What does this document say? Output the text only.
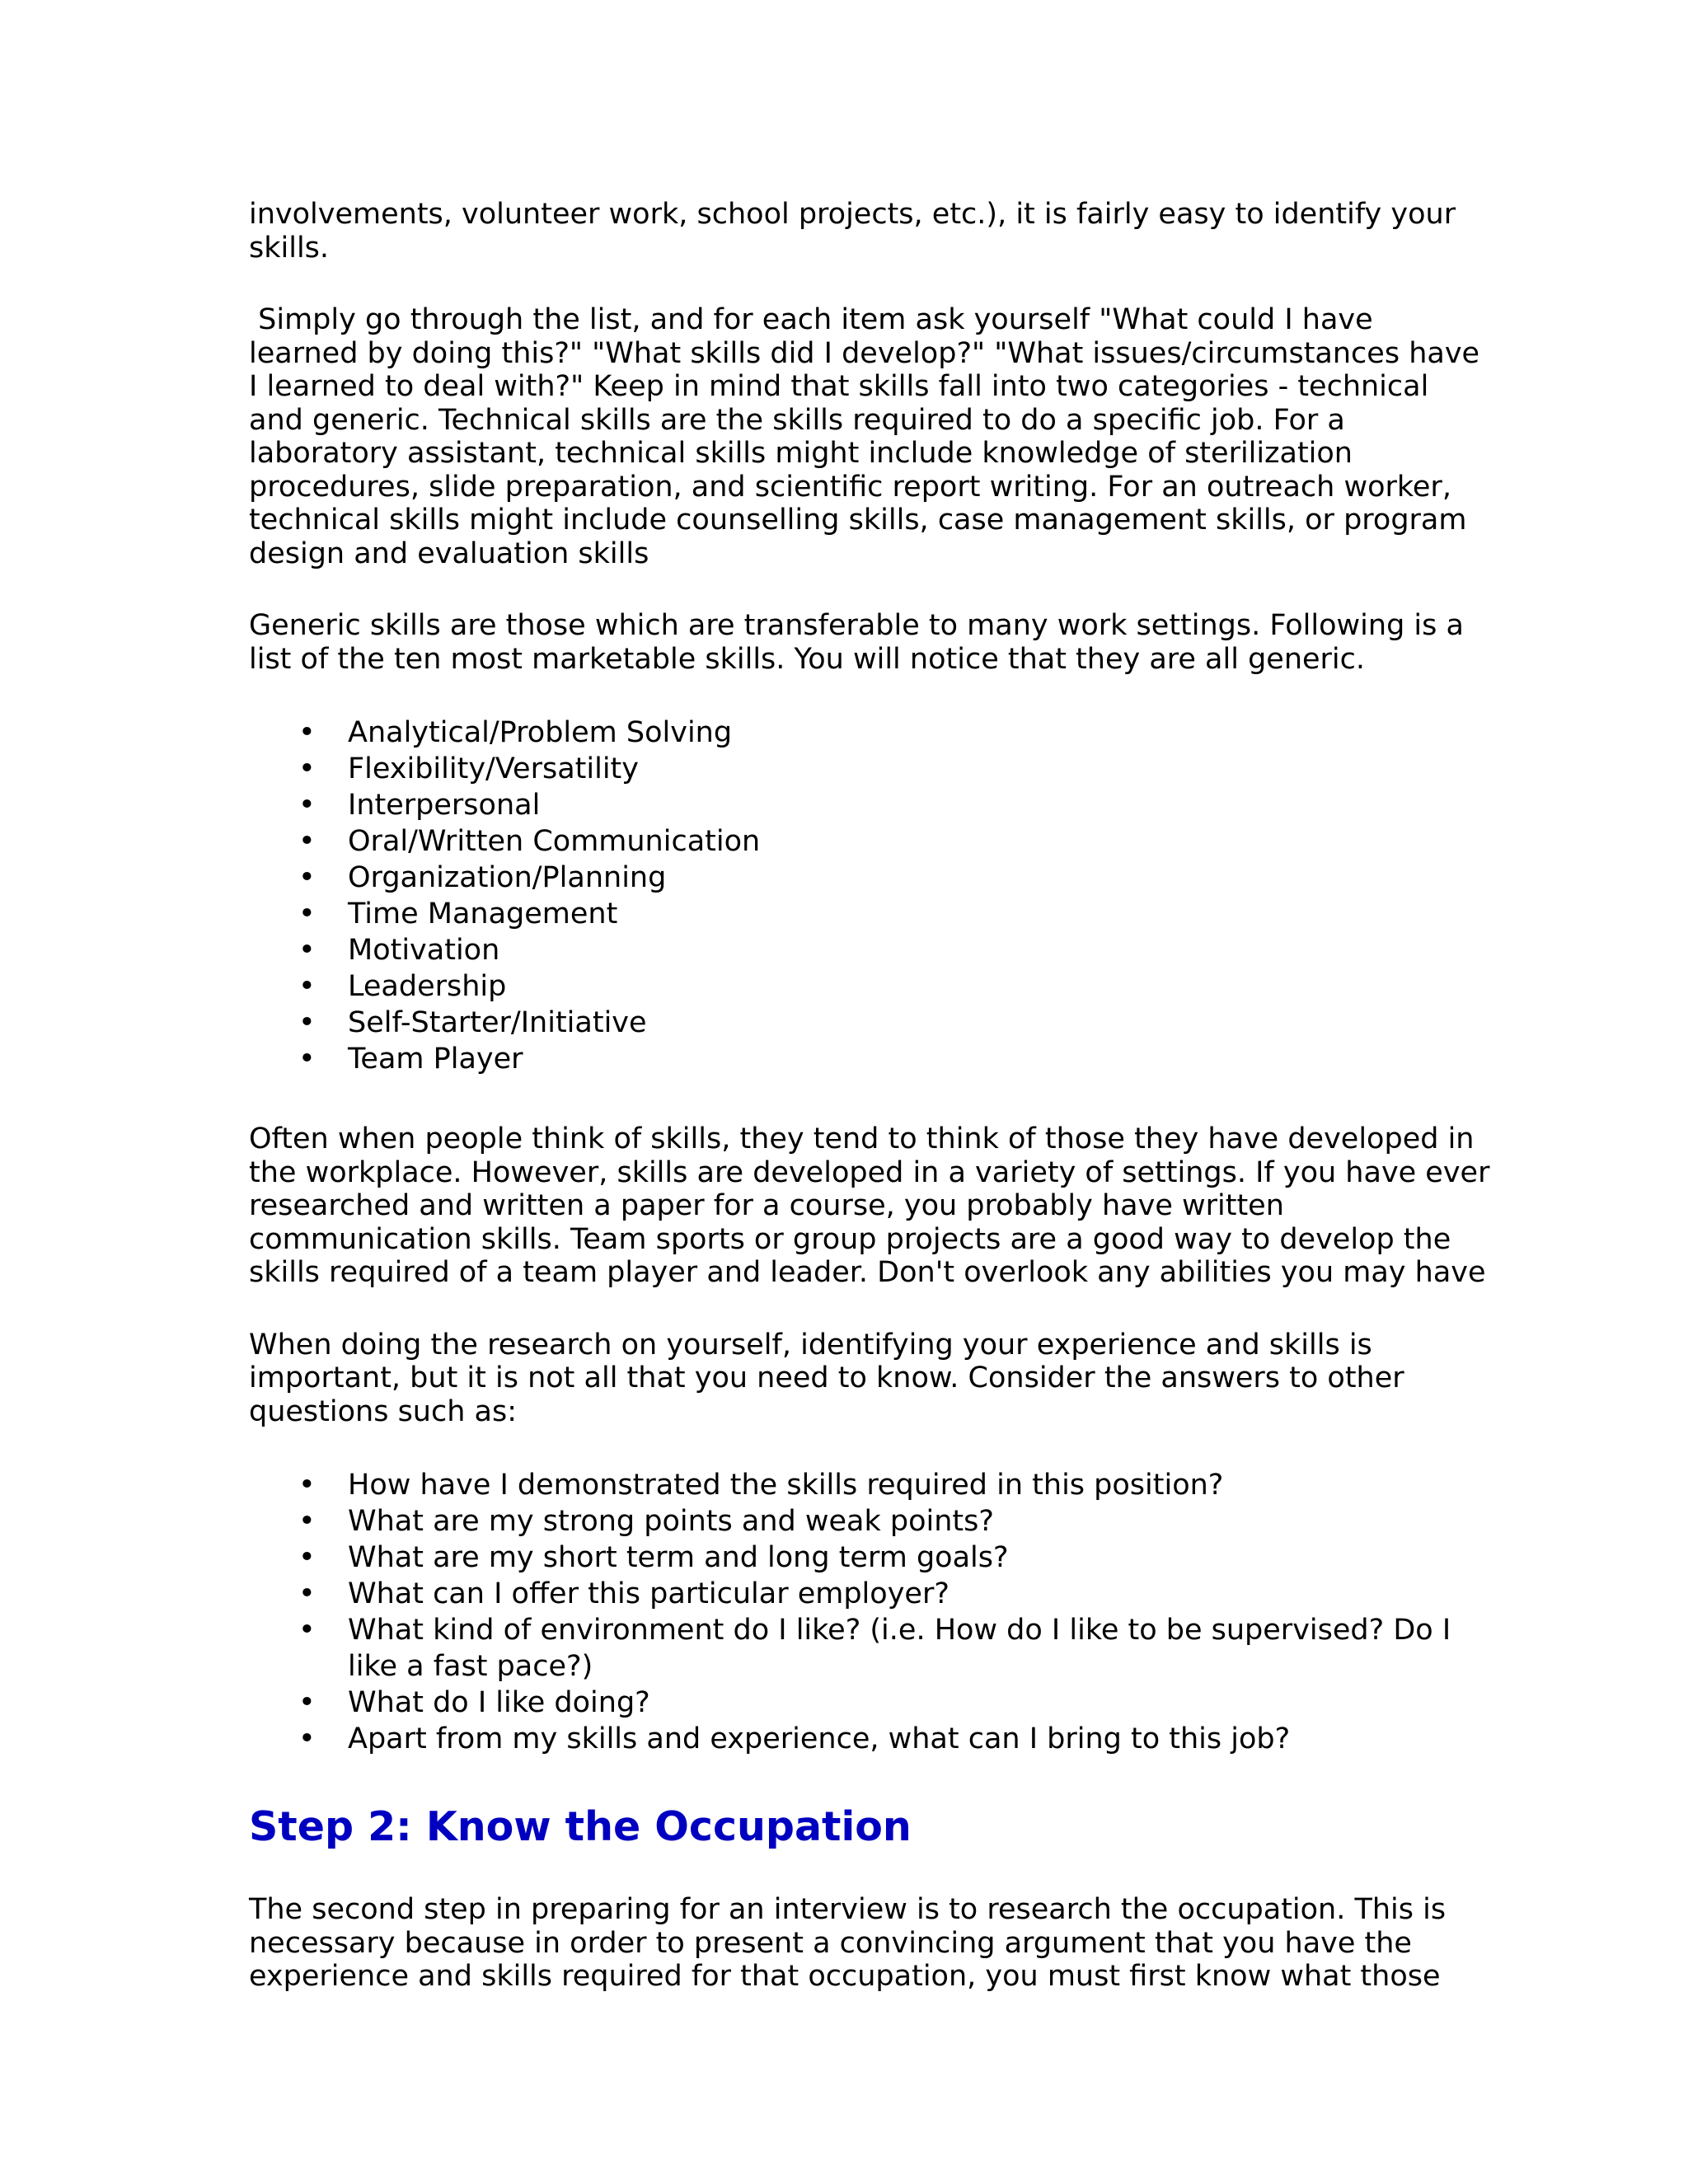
involvements, volunteer work, school projects, etc.), it is fairly easy to identify your
skills.

Simply go through the list, and for each item ask yourself "What could I have
learned by doing this?" "What skills did I develop?" "What issues/circumstances have
I learned to deal with?" Keep in mind that skills fall into two categories - technical
and generic. Technical skills are the skills required to do a specific job. For a
laboratory assistant, technical skills might include knowledge of sterilization
procedures, slide preparation, and scientific report writing. For an outreach worker,
technical skills might include counselling skills, case management skills, or program
design and evaluation skills

Generic skills are those which are transferable to many work settings. Following is a
list of the ten most marketable skills. You will notice that they are all generic.

• Analytical/Problem Solving
• Flexibility/Versatility
• Interpersonal
• Oral/Written Communication
• Organization/Planning
• Time Management
• Motivation
• Leadership
• Self-Starter/Initiative
• Team Player

Often when people think of skills, they tend to think of those they have developed in
the workplace. However, skills are developed in a variety of settings. If you have ever
researched and written a paper for a course, you probably have written
communication skills. Team sports or group projects are a good way to develop the
skills required of a team player and leader. Don't overlook any abilities you may have

When doing the research on yourself, identifying your experience and skills is
important, but it is not all that you need to know. Consider the answers to other
questions such as:

• How have I demonstrated the skills required in this position?
• What are my strong points and weak points?
• What are my short term and long term goals?
• What can I offer this particular employer?
• What kind of environment do I like? (i.e. How do I like to be supervised? Do I
like a fast pace?)
• What do I like doing?
• Apart from my skills and experience, what can I bring to this job?
Step 2: Know the Occupation

The second step in preparing for an interview is to research the occupation. This is
necessary because in order to present a convincing argument that you have the
experience and skills required for that occupation, you must first know what those
